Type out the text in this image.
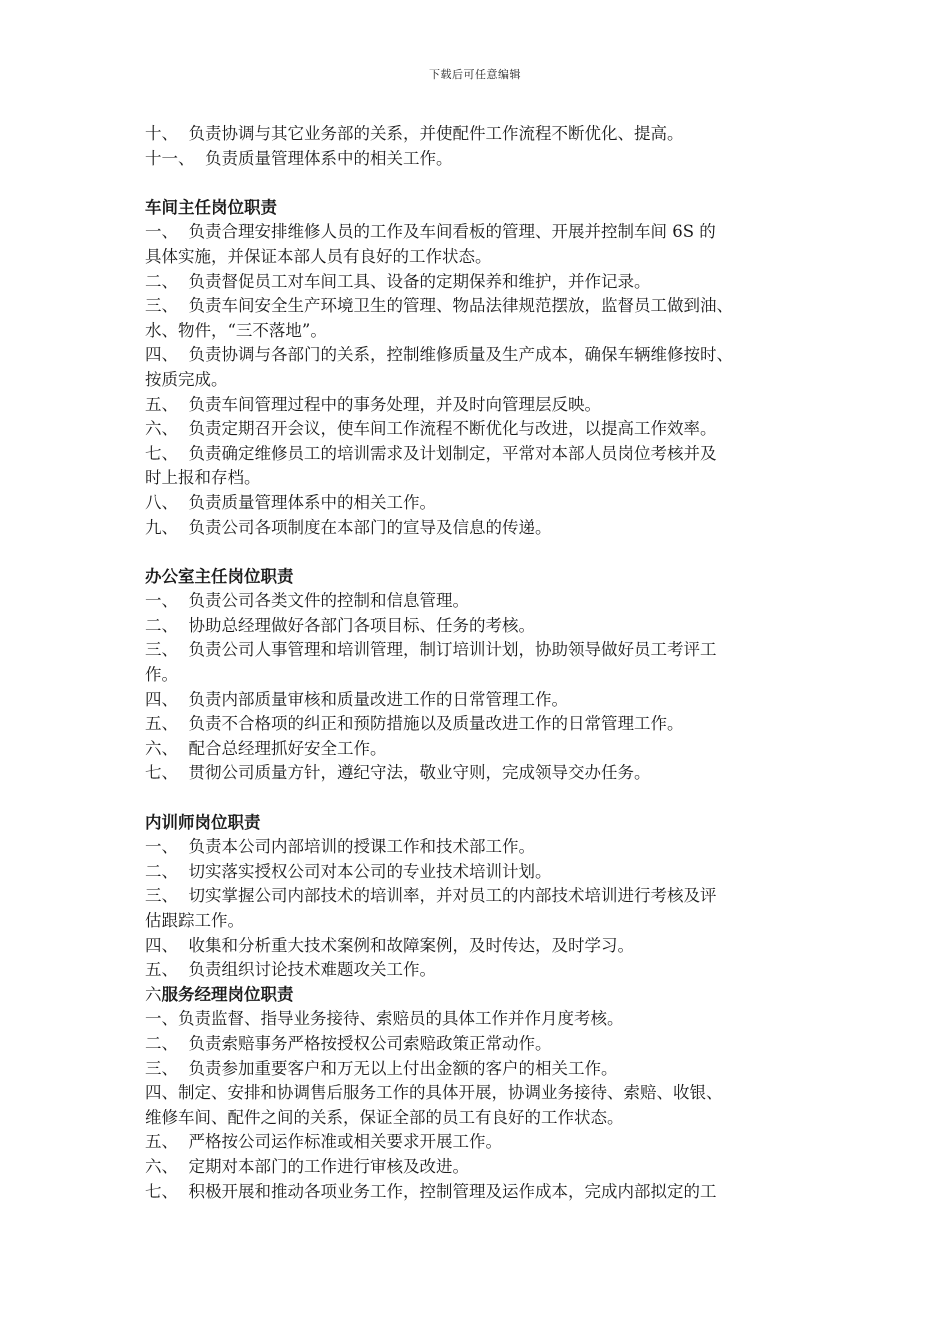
下载后可任意编辑
十、  负责协调与其它业务部的关系，并使配件工作流程不断优化、提高。
十一、  负责质量管理体系中的相关工作。
车间主任岗位职责
一、  负责合理安排维修人员的工作及车间看板的管理、开展并控制车间 6S 的
具体实施，并保证本部人员有良好的工作状态。
二、  负责督促员工对车间工具、设备的定期保养和维护，并作记录。
三、  负责车间安全生产环境卫生的管理、物品法律规范摆放，监督员工做到油、
水、物件，“三不落地”。
四、  负责协调与各部门的关系，控制维修质量及生产成本，确保车辆维修按时、
按质完成。
五、  负责车间管理过程中的事务处理，并及时向管理层反映。
六、  负责定期召开会议，使车间工作流程不断优化与改进，以提高工作效率。
七、  负责确定维修员工的培训需求及计划制定，平常对本部人员岗位考核并及
时上报和存档。
八、  负责质量管理体系中的相关工作。
九、  负责公司各项制度在本部门的宣导及信息的传递。
办公室主任岗位职责
一、  负责公司各类文件的控制和信息管理。
二、  协助总经理做好各部门各项目标、任务的考核。
三、  负责公司人事管理和培训管理，制订培训计划，协助领导做好员工考评工
作。
四、  负责内部质量审核和质量改进工作的日常管理工作。
五、  负责不合格项的纠正和预防措施以及质量改进工作的日常管理工作。
六、  配合总经理抓好安全工作。
七、  贯彻公司质量方针，遵纪守法，敬业守则，完成领导交办任务。
内训师岗位职责
一、  负责本公司内部培训的授课工作和技术部工作。
二、  切实落实授权公司对本公司的专业技术培训计划。
三、  切实掌握公司内部技术的培训率，并对员工的内部技术培训进行考核及评
估跟踪工作。
四、  收集和分析重大技术案例和故障案例，及时传达，及时学习。
五、  负责组织讨论技术难题攻关工作。
六服务经理岗位职责
一、负责监督、指导业务接待、索赔员的具体工作并作月度考核。
二、  负责索赔事务严格按授权公司索赔政策正常动作。
三、  负责参加重要客户和万无以上付出金额的客户的相关工作。
四、制定、安排和协调售后服务工作的具体开展，协调业务接待、索赔、收银、
维修车间、配件之间的关系，保证全部的员工有良好的工作状态。
五、  严格按公司运作标准或相关要求开展工作。
六、  定期对本部门的工作进行审核及改进。
七、  积极开展和推动各项业务工作，控制管理及运作成本，完成内部拟定的工
